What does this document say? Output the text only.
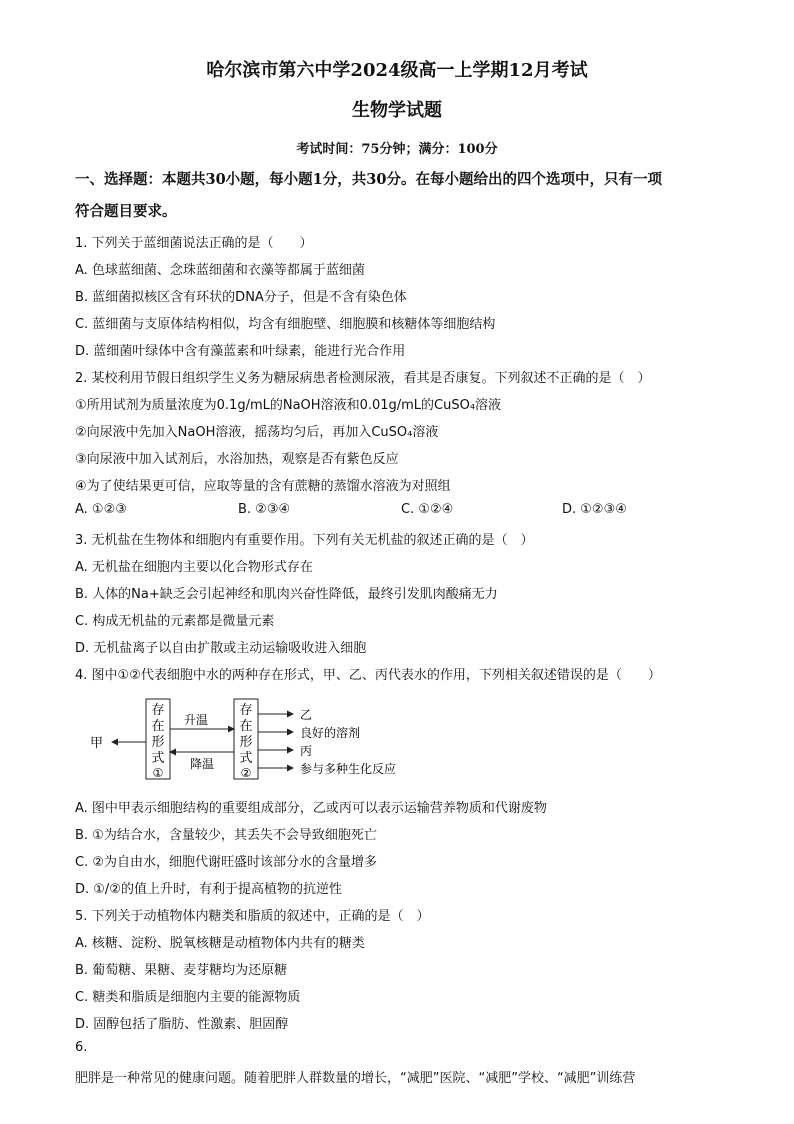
哈尔滨市第六中学2024级高一上学期12月考试
生物学试题
考试时间：75分钟；满分：100分
一、选择题：本题共30小题，每小题1分，共30分。在每小题给出的四个选项中，只有一项
符合题目要求。
1. 下列关于蓝细菌说法正确的是（　　）
A. 色球蓝细菌、念珠蓝细菌和衣藻等都属于蓝细菌
B. 蓝细菌拟核区含有环状的DNA分子，但是不含有染色体
C. 蓝细菌与支原体结构相似，均含有细胞壁、细胞膜和核糖体等细胞结构
D. 蓝细菌叶绿体中含有藻蓝素和叶绿素，能进行光合作用
2. 某校利用节假日组织学生义务为糖尿病患者检测尿液，看其是否康复。下列叙述不正确的是（　）
①所用试剂为质量浓度为0.1g/mL的NaOH溶液和0.01g/mL的CuSO₄溶液
②向尿液中先加入NaOH溶液，摇荡均匀后，再加入CuSO₄溶液
③向尿液中加入试剂后，水浴加热，观察是否有紫色反应
④为了使结果更可信，应取等量的含有蔗糖的蒸馏水溶液为对照组
A. ①②③	B. ②③④	C. ①②④	D. ①②③④
3. 无机盐在生物体和细胞内有重要作用。下列有关无机盐的叙述正确的是（　）
A. 无机盐在细胞内主要以化合物形式存在
B. 人体的Na+缺乏会引起神经和肌肉兴奋性降低，最终引发肌肉酸痛无力
C. 构成无机盐的元素都是微量元素
D. 无机盐离子以自由扩散或主动运输吸收进入细胞
4. 图中①②代表细胞中水的两种存在形式，甲、乙、丙代表水的作用，下列相关叙述错误的是（　　）
甲
存
在
形
式
①
升温
降温
存
在
形
式
②
乙
良好的溶剂
丙
参与多种生化反应
A. 图中甲表示细胞结构的重要组成部分，乙或丙可以表示运输营养物质和代谢废物
B. ①为结合水，含量较少，其丢失不会导致细胞死亡
C. ②为自由水，细胞代谢旺盛时该部分水的含量增多
D. ①/②的值上升时，有利于提高植物的抗逆性
5. 下列关于动植物体内糖类和脂质的叙述中，正确的是（　）
A. 核糖、淀粉、脱氧核糖是动植物体内共有的糖类
B. 葡萄糖、果糖、麦芽糖均为还原糖
C. 糖类和脂质是细胞内主要的能源物质
D. 固醇包括了脂肪、性激素、胆固醇
6.
肥胖是一种常见的健康问题。随着肥胖人群数量的增长，“减肥”医院、“减肥”学校、“减肥”训练营
